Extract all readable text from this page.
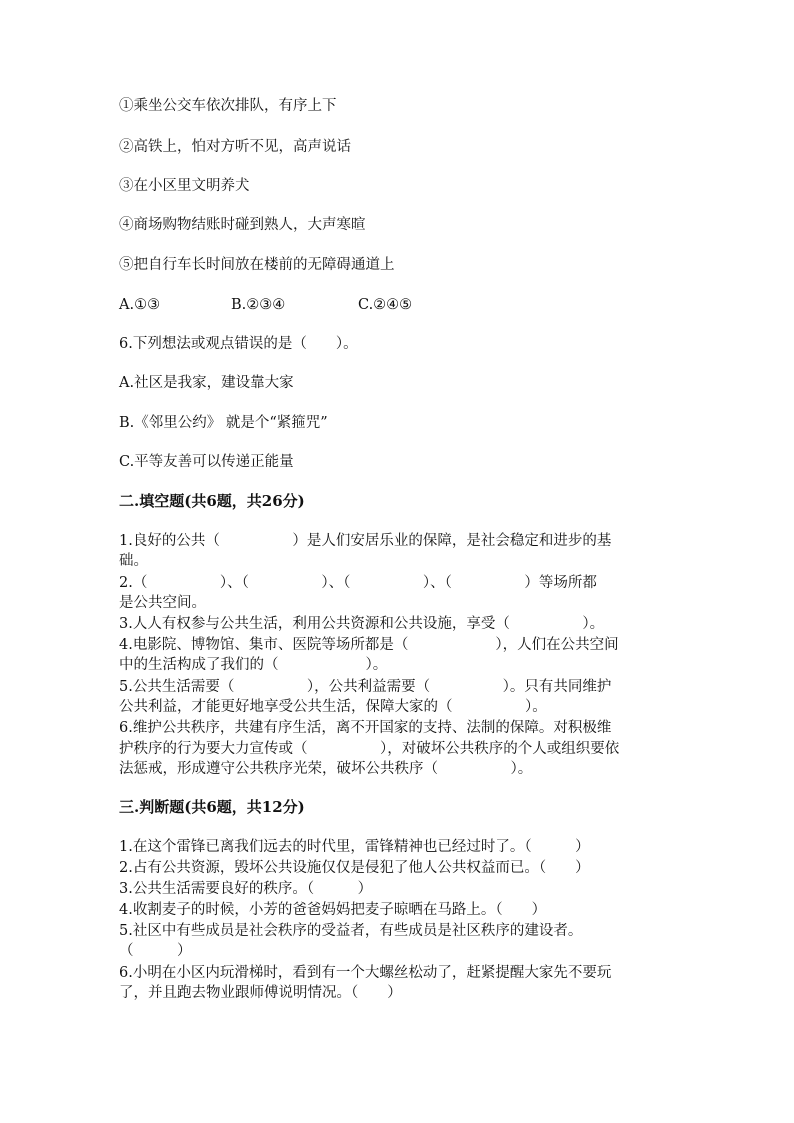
①乘坐公交车依次排队，有序上下
②高铁上，怕对方听不见，高声说话
③在小区里文明养犬
④商场购物结账时碰到熟人，大声寒暄
⑤把自行车长时间放在楼前的无障碍通道上
A.①③	B.②③④	C.②④⑤
6.下列想法或观点错误的是（　　）。
A.社区是我家，建设靠大家
B.《邻里公约》 就是个“紧箍咒”
C.平等友善可以传递正能量
二.填空题(共6题，共26分)
1.良好的公共（　　　　　）是人们安居乐业的保障，是社会稳定和进步的基
础。
2.（　　　　　）、（　　　　　）、（　　　　　）、（　　　　　）等场所都
是公共空间。
3.人人有权参与公共生活，利用公共资源和公共设施，享受（　　　　　）。
4.电影院、博物馆、集市、医院等场所都是（　　　　　　），人们在公共空间
中的生活构成了我们的（　　　　　　）。
5.公共生活需要（　　　　　），公共利益需要（　　　　　）。只有共同维护
公共利益，才能更好地享受公共生活，保障大家的（　　　　　）。
6.维护公共秩序，共建有序生活，离不开国家的支持、法制的保障。对积极维
护秩序的行为要大力宣传或（　　　　　），对破坏公共秩序的个人或组织要依
法惩戒，形成遵守公共秩序光荣，破坏公共秩序（　　　　　）。
三.判断题(共6题，共12分)
1.在这个雷锋已离我们远去的时代里，雷锋精神也已经过时了。（　　　）
2.占有公共资源，毁坏公共设施仅仅是侵犯了他人公共权益而已。（　　）
3.公共生活需要良好的秩序。（　　　）
4.收割麦子的时候，小芳的爸爸妈妈把麦子晾晒在马路上。（　　）
5.社区中有些成员是社会秩序的受益者，有些成员是社区秩序的建设者。
（　　　）
6.小明在小区内玩滑梯时，看到有一个大螺丝松动了，赶紧提醒大家先不要玩
了，并且跑去物业跟师傅说明情况。（　　）
